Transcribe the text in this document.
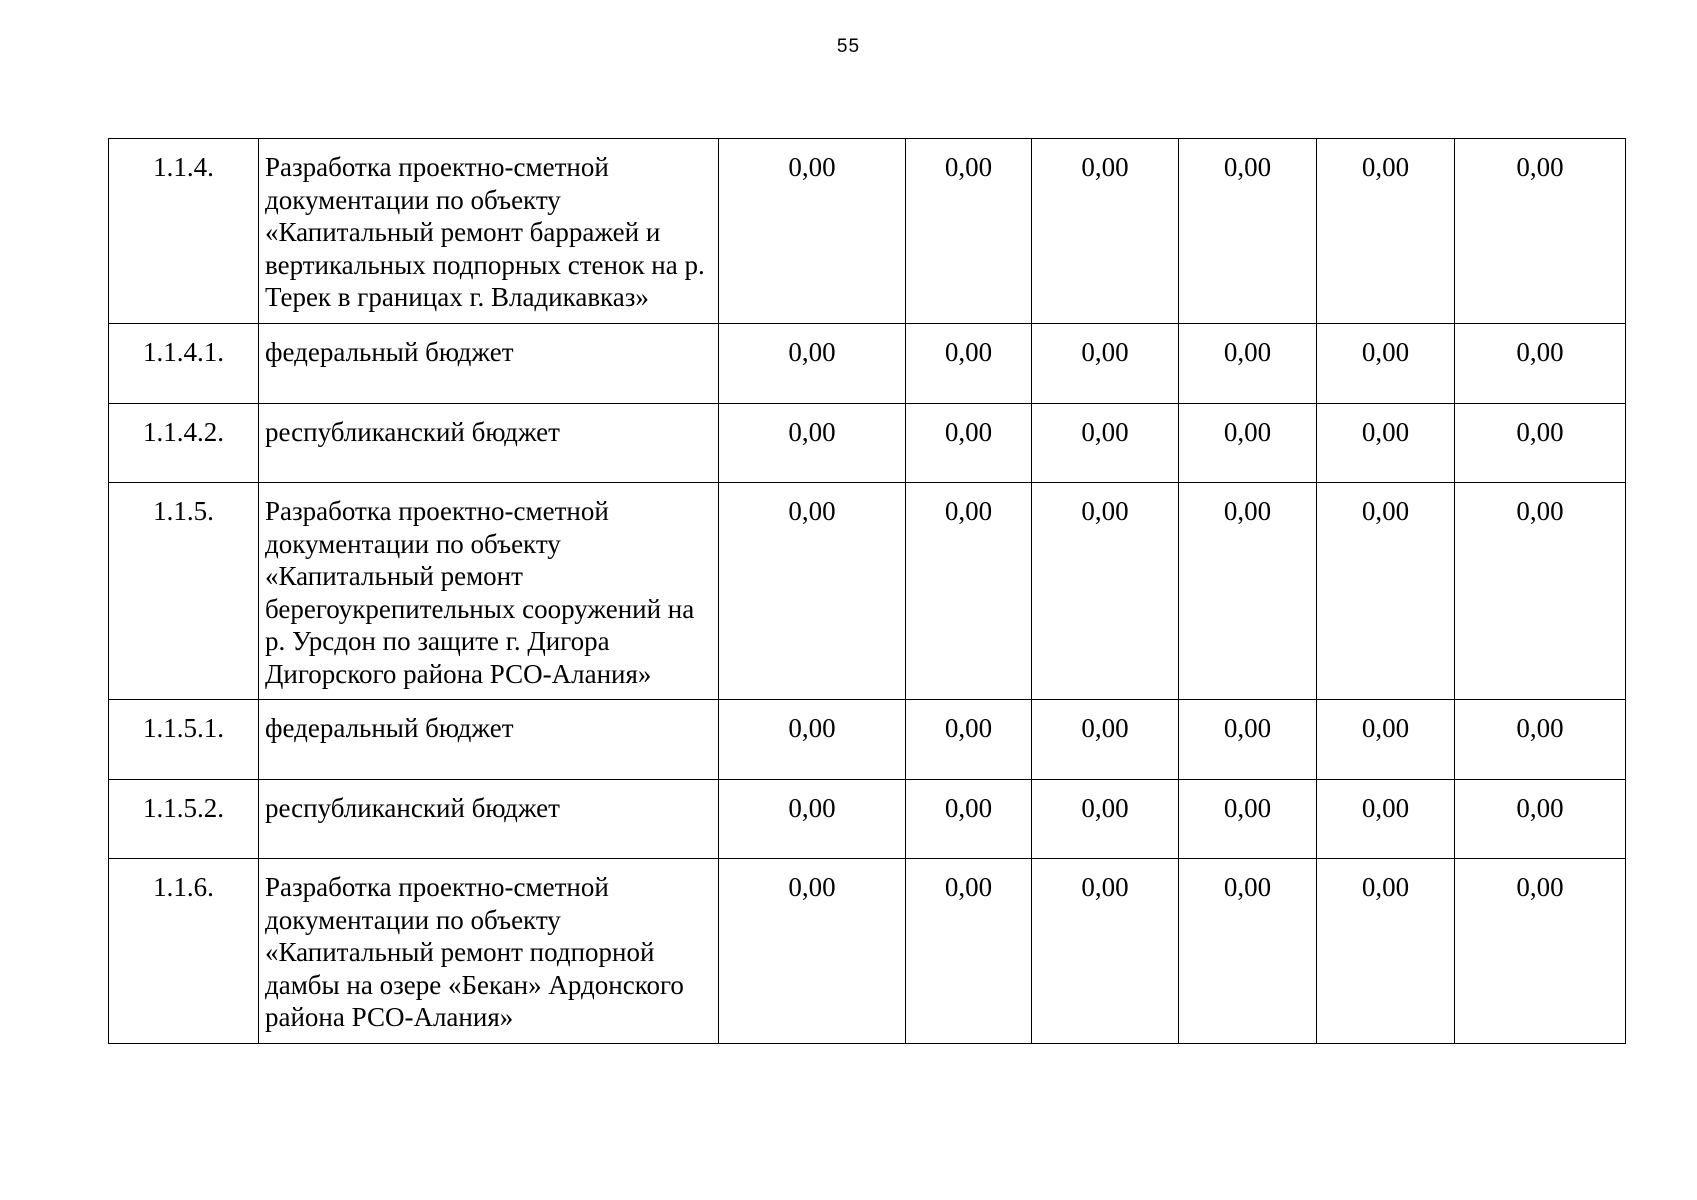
55
1.1.4.	Разработка проектно-сметной документации по объекту «Капитальный ремонт барражей и вертикальных подпорных стенок на р. Терек в границах г. Владикавказ»	0,00	0,00	0,00	0,00	0,00	0,00
1.1.4.1.	федеральный бюджет	0,00	0,00	0,00	0,00	0,00	0,00
1.1.4.2.	республиканский бюджет	0,00	0,00	0,00	0,00	0,00	0,00
1.1.5.	Разработка проектно-сметной документации по объекту «Капитальный ремонт берегоукрепительных сооружений на р. Урсдон по защите г. Дигора Дигорского района РСО-Алания»	0,00	0,00	0,00	0,00	0,00	0,00
1.1.5.1.	федеральный бюджет	0,00	0,00	0,00	0,00	0,00	0,00
1.1.5.2.	республиканский бюджет	0,00	0,00	0,00	0,00	0,00	0,00
1.1.6.	Разработка проектно-сметной документации по объекту «Капитальный ремонт подпорной дамбы на озере «Бекан» Ардонского района РСО-Алания»	0,00	0,00	0,00	0,00	0,00	0,00
